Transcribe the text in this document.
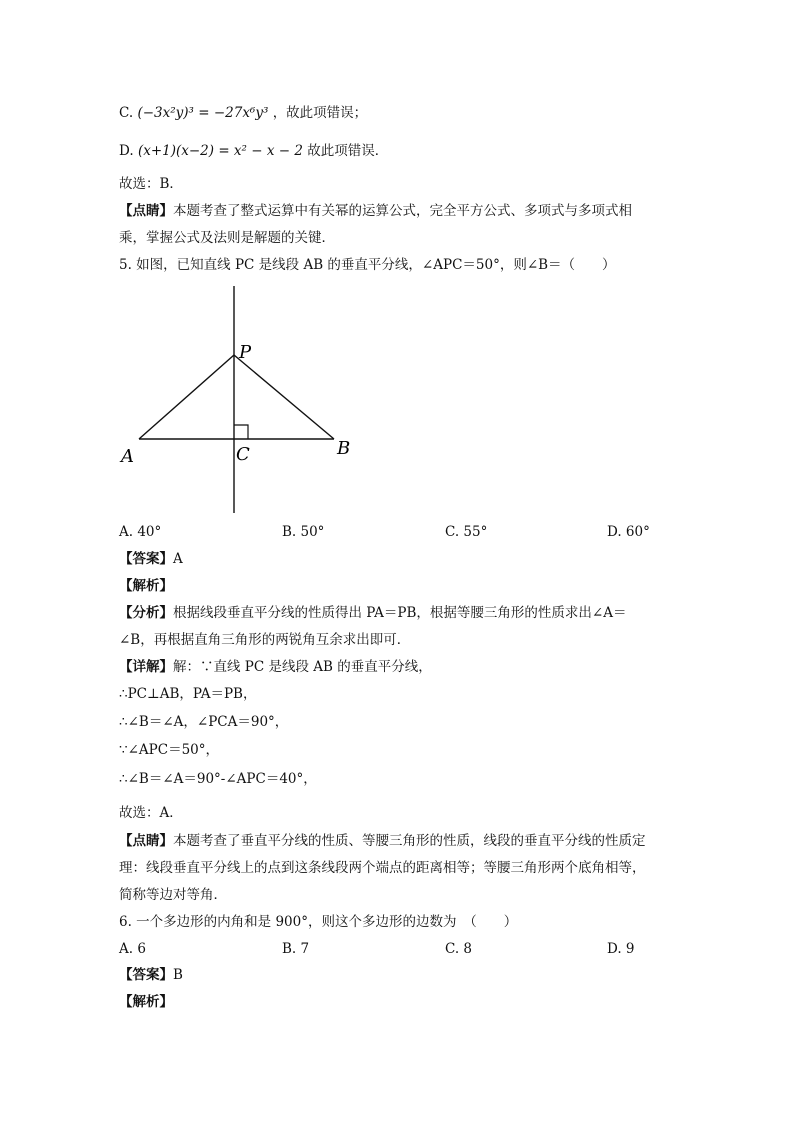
C. (−3x²y)³ = −27x⁶y³ ，故此项错误；
D. (x+1)(x−2) = x² − x − 2 故此项错误．
故选：B．
【点睛】本题考查了整式运算中有关幂的运算公式，完全平方公式、多项式与多项式相
乘，掌握公式及法则是解题的关键．
5. 如图，已知直线 PC 是线段 AB 的垂直平分线，∠APC＝50°，则∠B＝（　　）
P
A	C	B
A. 40°	B. 50°	C. 55°	D. 60°
【答案】A
【解析】
【分析】根据线段垂直平分线的性质得出 PA＝PB，根据等腰三角形的性质求出∠A＝
∠B，再根据直角三角形的两锐角互余求出即可．
【详解】解：∵直线 PC 是线段 AB 的垂直平分线，
∴PC⊥AB，PA＝PB，
∴∠B＝∠A，∠PCA＝90°，
∵∠APC＝50°，
∴∠B＝∠A＝90°-∠APC＝40°，
故选：A．
【点睛】本题考查了垂直平分线的性质、等腰三角形的性质，线段的垂直平分线的性质定
理：线段垂直平分线上的点到这条线段两个端点的距离相等；等腰三角形两个底角相等，
简称等边对等角．
6. 一个多边形的内角和是 900°，则这个多边形的边数为　（　　）
A. 6	B. 7	C. 8	D. 9
【答案】B
【解析】
